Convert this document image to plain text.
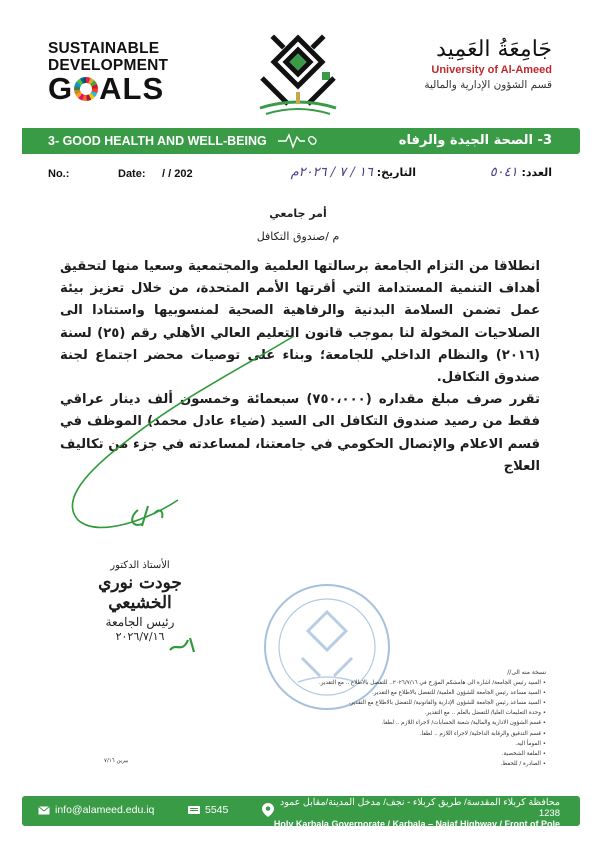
SUSTAINABLE
DEVELOPMENT
G ALS
جَامِعَةُ العَمِيد
University of Al-Ameed
قسم الشؤون الإدارية والمالية
3- GOOD HEALTH AND WELL-BEING	3- الصحة الجيدة والرفاه
No.:	Date: / / 202	العدد: ٥٠٤١
التاريخ: ١٦ / ٧ / ٢٠٢٦م
أمر جامعي
م /صندوق التكافل

انطلاقا من التزام الجامعة برسالتها العلمية والمجتمعية وسعيا منها لتحقيق أهداف التنمية المستدامة التي أقرتها الأمم المتحدة، من خلال تعزيز بيئة عمل تضمن السلامة البدنية والرفاهية الصحية لمنسوبيها واستنادا الى الصلاحيات المخولة لنا بموجب قانون التعليم العالي الأهلي رقم (٢٥) لسنة (٢٠١٦) والنظام الداخلي للجامعة؛ وبناء على توصيات محضر اجتماع لجنة صندوق التكافل.

تقرر صرف مبلغ مقداره (٧٥٠،٠٠٠) سبعمائة وخمسون ألف دينار عراقي فقط من رصيد صندوق التكافل الى السيد (ضياء عادل محمد) الموظف في قسم الاعلام والإتصال الحكومي في جامعتنا، لمساعدته في جزء من تكاليف العلاج

الأستاذ الدكتور
جودت نوري الخشيعي
رئيس الجامعة
٢٠٢٦/٧/١٦
نسخة منه الى//
• السيد رئيس الجامعة/ اشارة الى هامشكم المؤرخ في ٢٠٢٦/٧/١٦.. للتفضل بالاطلاع .. مع التقدير.
• السيد مساعد رئيس الجامعة للشؤون العلمية/ للتفضل بالاطلاع مع التقدير.
• السيد مساعد رئيس الجامعة للشؤون الإدارية والقانونية/ للتفضل بالاطلاع مع التقدير.
• وحدة التعليمات العليا/ للتفضل بالعلم .. مع التقدير.
• قسم الشؤون الادارية والمالية/ شعبة الحسابات/ لاجراء اللازم .. لطفا.
• قسم التدقيق والرقابة الداخلية/ لاجراء اللازم .. لطفا.
• المومأ اليه.
• الملفة الشخصية.
• الصادرة / للحفظ.
بيرين ٧/١٦
info@alameed.edu.iq	5545
محافظة كربلاء المقدسة/ طريق كربلاء - نجف/ مدخل المدينة/مقابل عمود 1238
Holy Karbala Governorate / Karbala – Najaf Highway / Front of Pole 1238
